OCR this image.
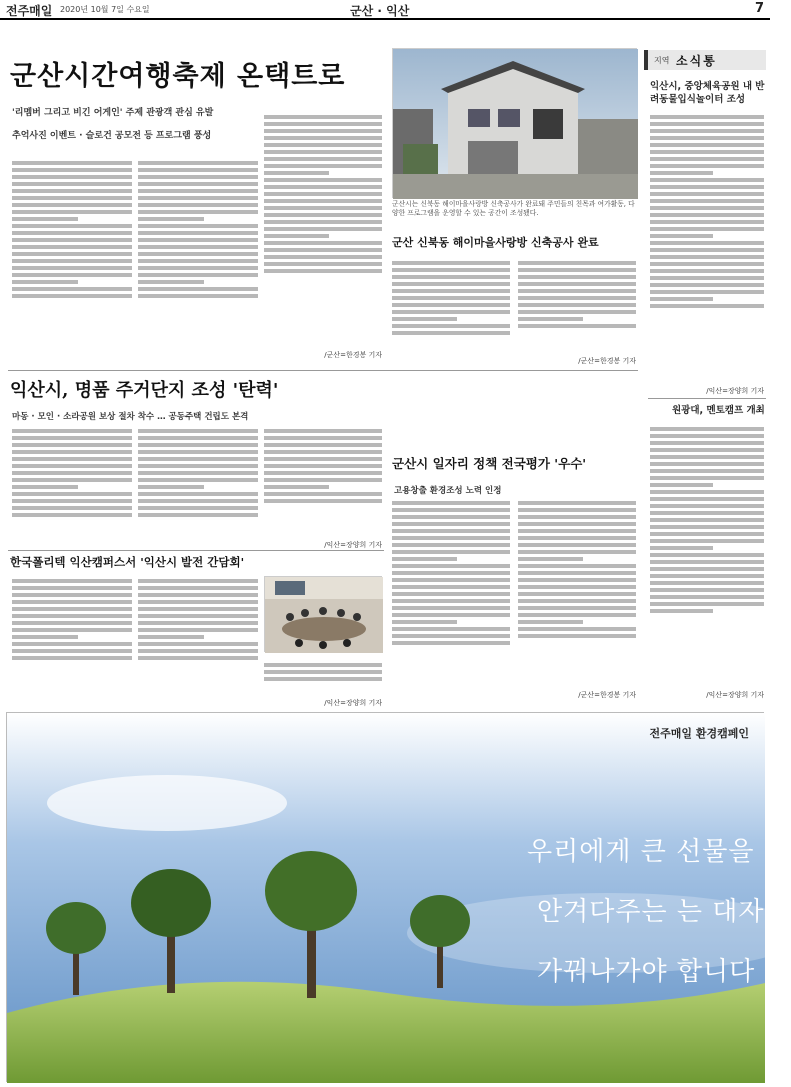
전주매일 2020년 10월 7일 수요일	군산 · 익산	7
군산시간여행축제 온택트로
'리멤버 그리고 비긴 어게인' 주제 관광객 관심 유발
추억사진 이벤트 · 슬로건 공모전 등 프로그램 풍성
/군산=한경봉 기자
군산시는 신북동 해이마을사랑방 신축공사가 완료돼 주민들의 친목과 여가활동, 다양한 프로그램을 운영할 수 있는 공간이 조성됐다.
군산 신북동 해이마을사랑방 신축공사 완료
/군산=한경봉 기자
익산시, 명품 주거단지 조성 '탄력'
마동 · 모인 · 소라공원 보상 절차 착수 … 공동주택 건립도 본격
/익산=장양희 기자
군산시 일자리 정책 전국평가 '우수'
고용창출 환경조성 노력 인정
/군산=한경봉 기자
한국폴리텍 익산캠퍼스서 '익산시 발전 간담회'
/익산=장양희 기자
지역 소식통
익산시, 중앙체육공원 내 반려동물입식놀이터 조성
/익산=장양희 기자
원광대, 멘토캠프 개최
/익산=장양희 기자
전주매일 환경캠페인
우리에게 큰 선물을
안겨다주는 는 대자연
가꿔나가야 합니다
